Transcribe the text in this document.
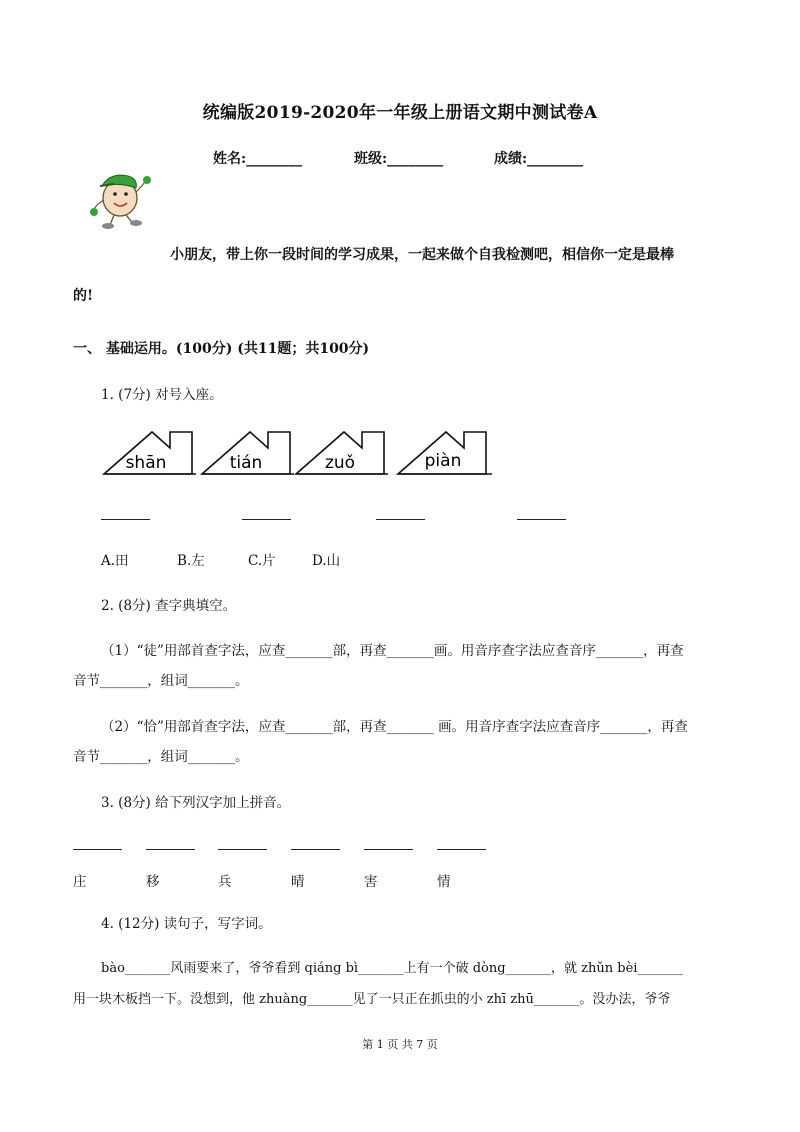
统编版2019-2020年一年级上册语文期中测试卷A
姓名:________	班级:________	成绩:________
小朋友，带上你一段时间的学习成果，一起来做个自我检测吧，相信你一定是最棒
的!
一、 基础运用。(100分) (共11题；共100分)
1. (7分) 对号入座。
shān	tián	zuǒ	piàn
A.田	B.左	C.片	D.山
2. (8分) 查字典填空。
（1）“徒”用部首查字法，应查_______部，再查_______画。用音序查字法应查音序_______，再查
音节_______，组词_______。
（2）“恰”用部首查字法，应查_______部，再查_______ 画。用音序查字法应查音序_______，再查
音节_______，组词_______。
3. (8分) 给下列汉字加上拼音。
庄	移	兵	晴	害	情
4. (12分) 读句子，写字词。
bào_______风雨要来了，爷爷看到 qiáng bì_______上有一个破 dòng_______，就 zhǔn bèi_______
用一块木板挡一下。没想到，他 zhuàng_______见了一只正在抓虫的小 zhī zhū_______。没办法，爷爷
第 1 页 共 7 页
